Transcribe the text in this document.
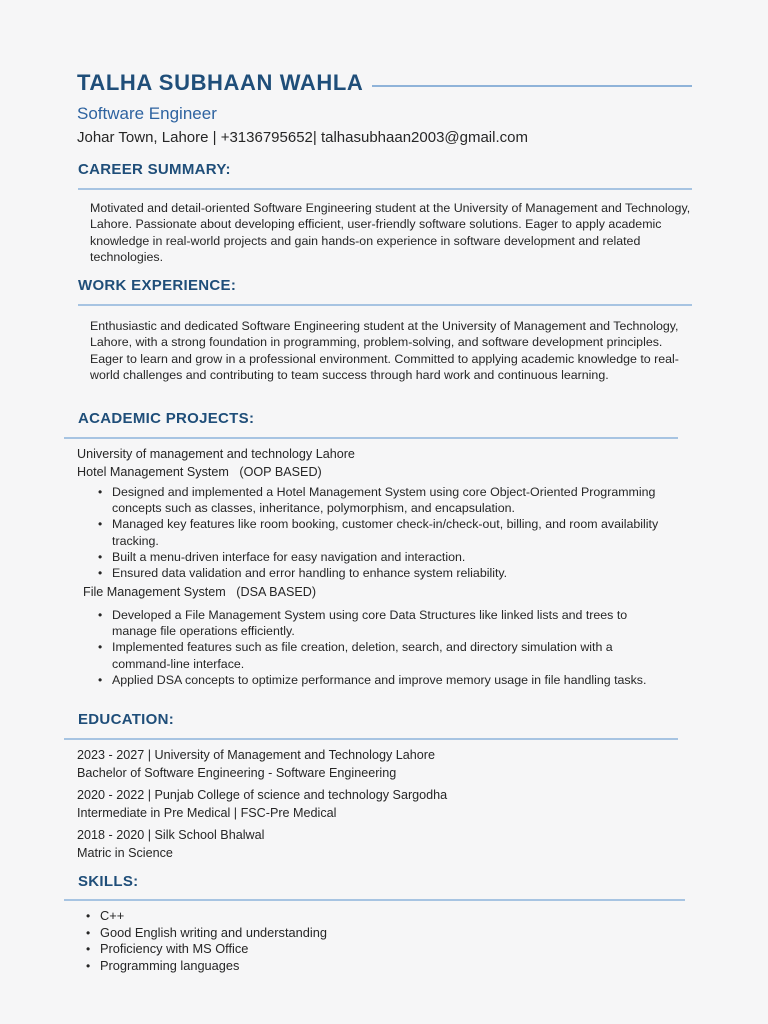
TALHA SUBHAAN WAHLA
Software Engineer
Johar Town, Lahore | +3136795652| talhasubhaan2003@gmail.com
CAREER SUMMARY:
Motivated and detail-oriented Software Engineering student at the University of Management and Technology, Lahore. Passionate about developing efficient, user-friendly software solutions. Eager to apply academic knowledge in real-world projects and gain hands-on experience in software development and related technologies.
WORK EXPERIENCE:
Enthusiastic and dedicated Software Engineering student at the University of Management and Technology, Lahore, with a strong foundation in programming, problem-solving, and software development principles. Eager to learn and grow in a professional environment. Committed to applying academic knowledge to real-world challenges and contributing to team success through hard work and continuous learning.
ACADEMIC PROJECTS:
University of management and technology Lahore
Hotel Management System   (OOP BASED)
• Designed and implemented a Hotel Management System using core Object-Oriented Programming concepts such as classes, inheritance, polymorphism, and encapsulation.
• Managed key features like room booking, customer check-in/check-out, billing, and room availability tracking.
• Built a menu-driven interface for easy navigation and interaction.
• Ensured data validation and error handling to enhance system reliability.
File Management System   (DSA BASED)
• Developed a File Management System using core Data Structures like linked lists and trees to manage file operations efficiently.
• Implemented features such as file creation, deletion, search, and directory simulation with a command-line interface.
• Applied DSA concepts to optimize performance and improve memory usage in file handling tasks.
EDUCATION:
2023 - 2027 | University of Management and Technology Lahore
Bachelor of Software Engineering - Software Engineering
2020 - 2022 | Punjab College of science and technology Sargodha
Intermediate in Pre Medical | FSC-Pre Medical
2018 - 2020 | Silk School Bhalwal
Matric in Science
SKILLS:
• C++
• Good English writing and understanding
• Proficiency with MS Office
• Programming languages
